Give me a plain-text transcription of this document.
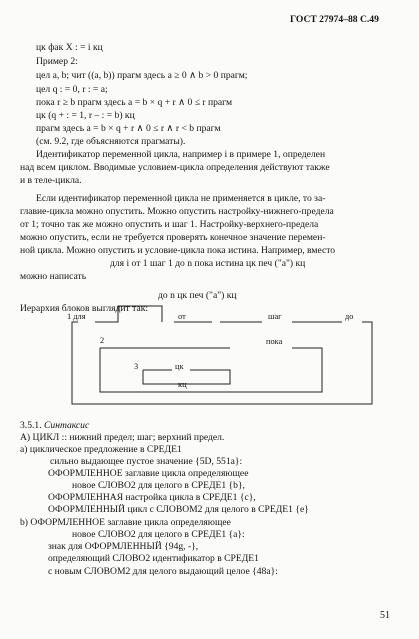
ГОСТ 27974–88 С.49
цк фак X : = i кц
Пример 2:
цел a, b; чит ((a, b)) прагм здесь a ≥ 0 ∧ b > 0 прагм;
цел q : = 0, r : = a;
пока r ≥ b прагм здесь a = b × q + r ∧ 0 ≤ r прагм
цк (q + : = 1, r – : = b) кц
прагм здесь a = b × q + r ∧ 0 ≤ r ∧ r < b прагм
(см. 9.2, где объясняются прагматы).
Идентификатор переменной цикла, например i в примере 1, определен
над всем циклом. Вводимые условием-цикла определения действуют также
и в теле-цикла.
Если идентификатор переменной цикла не применяется в цикле, то за-
главие-цикла можно опустить. Можно опустить настройку-нижнего-предела
от 1; точно так же можно опустить и шаг 1. Настройку-верхнего-предела
можно опустить, если не требуется проверять конечное значение перемен-
ной цикла. Можно опустить и условие-цикла пока истина. Например, вместо
для i от 1 шаг 1 до n пока истина цк печ ("a") кц
можно написать
до n цк печ ("a") кц
Иерархия блоков выглядит так:
1 для	от	шаг	до
2	пока
3	цк
кц
3.5.1. Синтаксис
A) ЦИКЛ :: нижний предел; шаг; верхний предел.
a) циклическое предложение в СРЕДЕ1
сильно выдающее пустое значение {5D, 551a}:
ОФОРМЛЕННОЕ заглавие цикла определяющее
новое СЛОВО2 для целого в СРЕДЕ1 {b},
ОФОРМЛЕННАЯ настройка цикла в СРЕДЕ1 {c},
ОФОРМЛЕННЫЙ цикл с СЛОВОМ2 для целого в СРЕДЕ1 {e}
b) ОФОРМЛЕННОЕ заглавие цикла определяющее
новое СЛОВО2 для целого в СРЕДЕ1 {a}:
знак для ОФОРМЛЕННЫЙ {94g, -},
определяющий СЛОВО2 идентификатор в СРЕДЕ1
с новым СЛОВОМ2 для целого выдающий целое {48a}:
51
